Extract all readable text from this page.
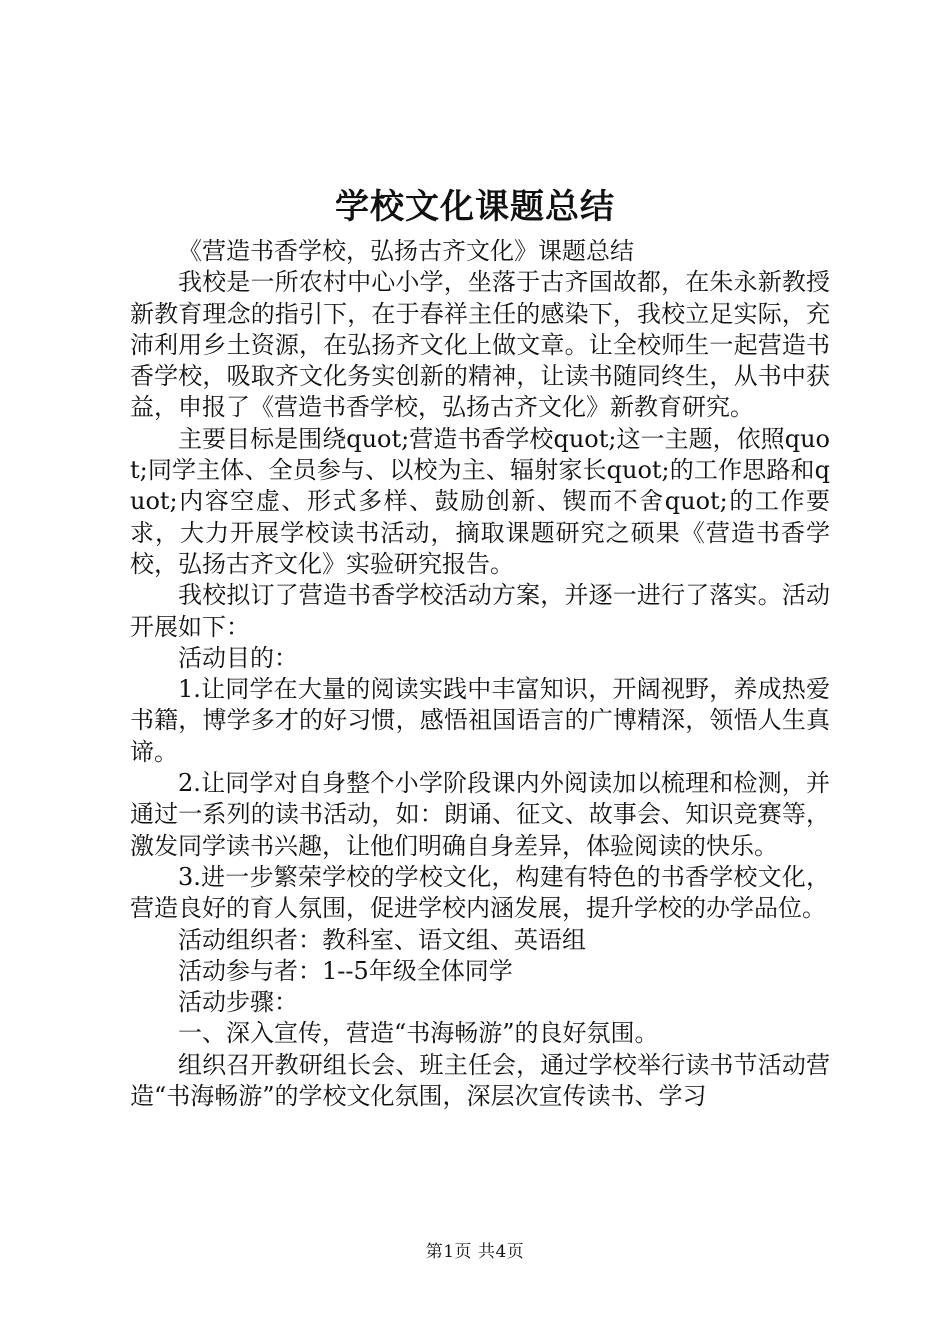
学校文化课题总结

《营造书香学校，弘扬古齐文化》课题总结

我校是一所农村中心小学，坐落于古齐国故都，在朱永新教授新教育理念的指引下，在于春祥主任的感染下，我校立足实际，充沛利用乡土资源，在弘扬齐文化上做文章。让全校师生一起营造书香学校，吸取齐文化务实创新的精神，让读书随同终生，从书中获益，申报了《营造书香学校，弘扬古齐文化》新教育研究。

主要目标是围绕quot;营造书香学校quot;这一主题，依照quot;同学主体、全员参与、以校为主、辐射家长quot;的工作思路和quot;内容空虚、形式多样、鼓励创新、锲而不舍quot;的工作要求，大力开展学校读书活动，摘取课题研究之硕果《营造书香学校，弘扬古齐文化》实验研究报告。

我校拟订了营造书香学校活动方案，并逐一进行了落实。活动开展如下：

活动目的：

1.让同学在大量的阅读实践中丰富知识，开阔视野，养成热爱书籍，博学多才的好习惯，感悟祖国语言的广博精深，领悟人生真谛。

2.让同学对自身整个小学阶段课内外阅读加以梳理和检测，并通过一系列的读书活动，如：朗诵、征文、故事会、知识竞赛等，激发同学读书兴趣，让他们明确自身差异，体验阅读的快乐。

3.进一步繁荣学校的学校文化，构建有特色的书香学校文化，营造良好的育人氛围，促进学校内涵发展，提升学校的办学品位。

活动组织者：教科室、语文组、英语组

活动参与者：1--5年级全体同学

活动步骤：

一、深入宣传，营造“书海畅游”的良好氛围。

组织召开教研组长会、班主任会，通过学校举行读书节活动营造“书海畅游”的学校文化氛围，深层次宣传读书、学习

第1页 共4页
